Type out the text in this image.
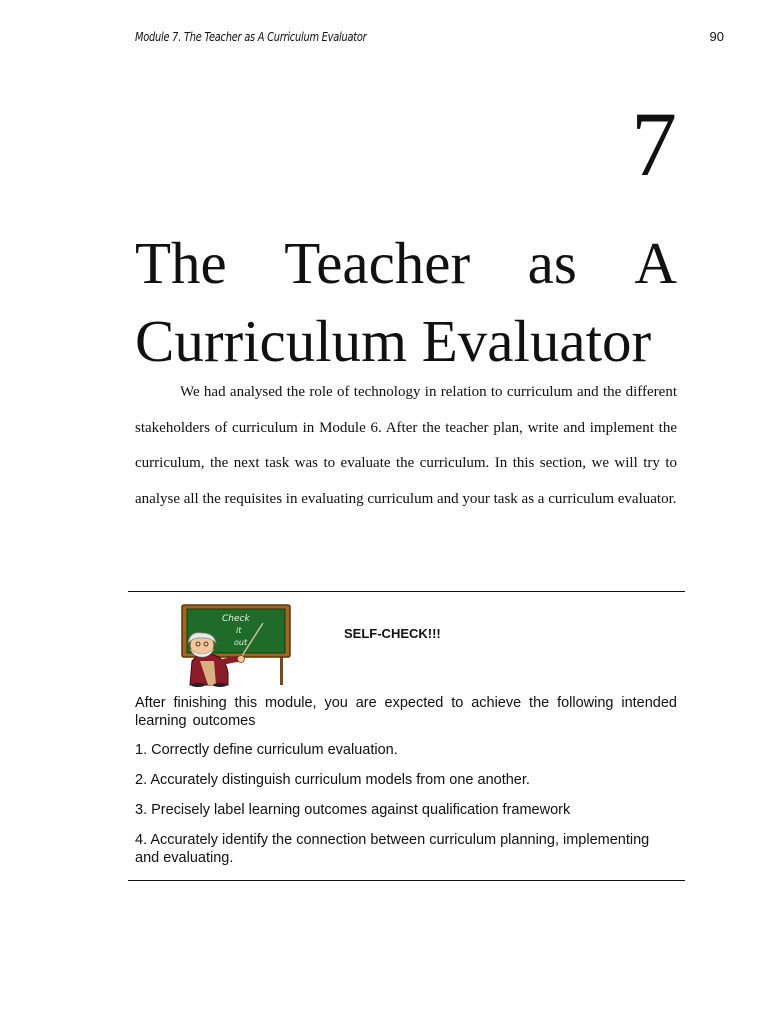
Module 7. The Teacher as A Curriculum Evaluator	90
7
The Teacher as A
Curriculum Evaluator

We had analysed the role of technology in relation to curriculum and the different stakeholders of curriculum in Module 6. After the teacher plan, write and implement the curriculum, the next task was to evaluate the curriculum. In this section, we will try to analyse all the requisites in evaluating curriculum and your task as a curriculum evaluator.

Check
it
out
SELF-CHECK!!!

After finishing this module, you are expected to achieve the following intended learning outcomes

1. Correctly define curriculum evaluation.

2. Accurately distinguish curriculum models from one another.

3. Precisely label learning outcomes against qualification framework

4. Accurately identify the connection between curriculum planning, implementing and evaluating.
